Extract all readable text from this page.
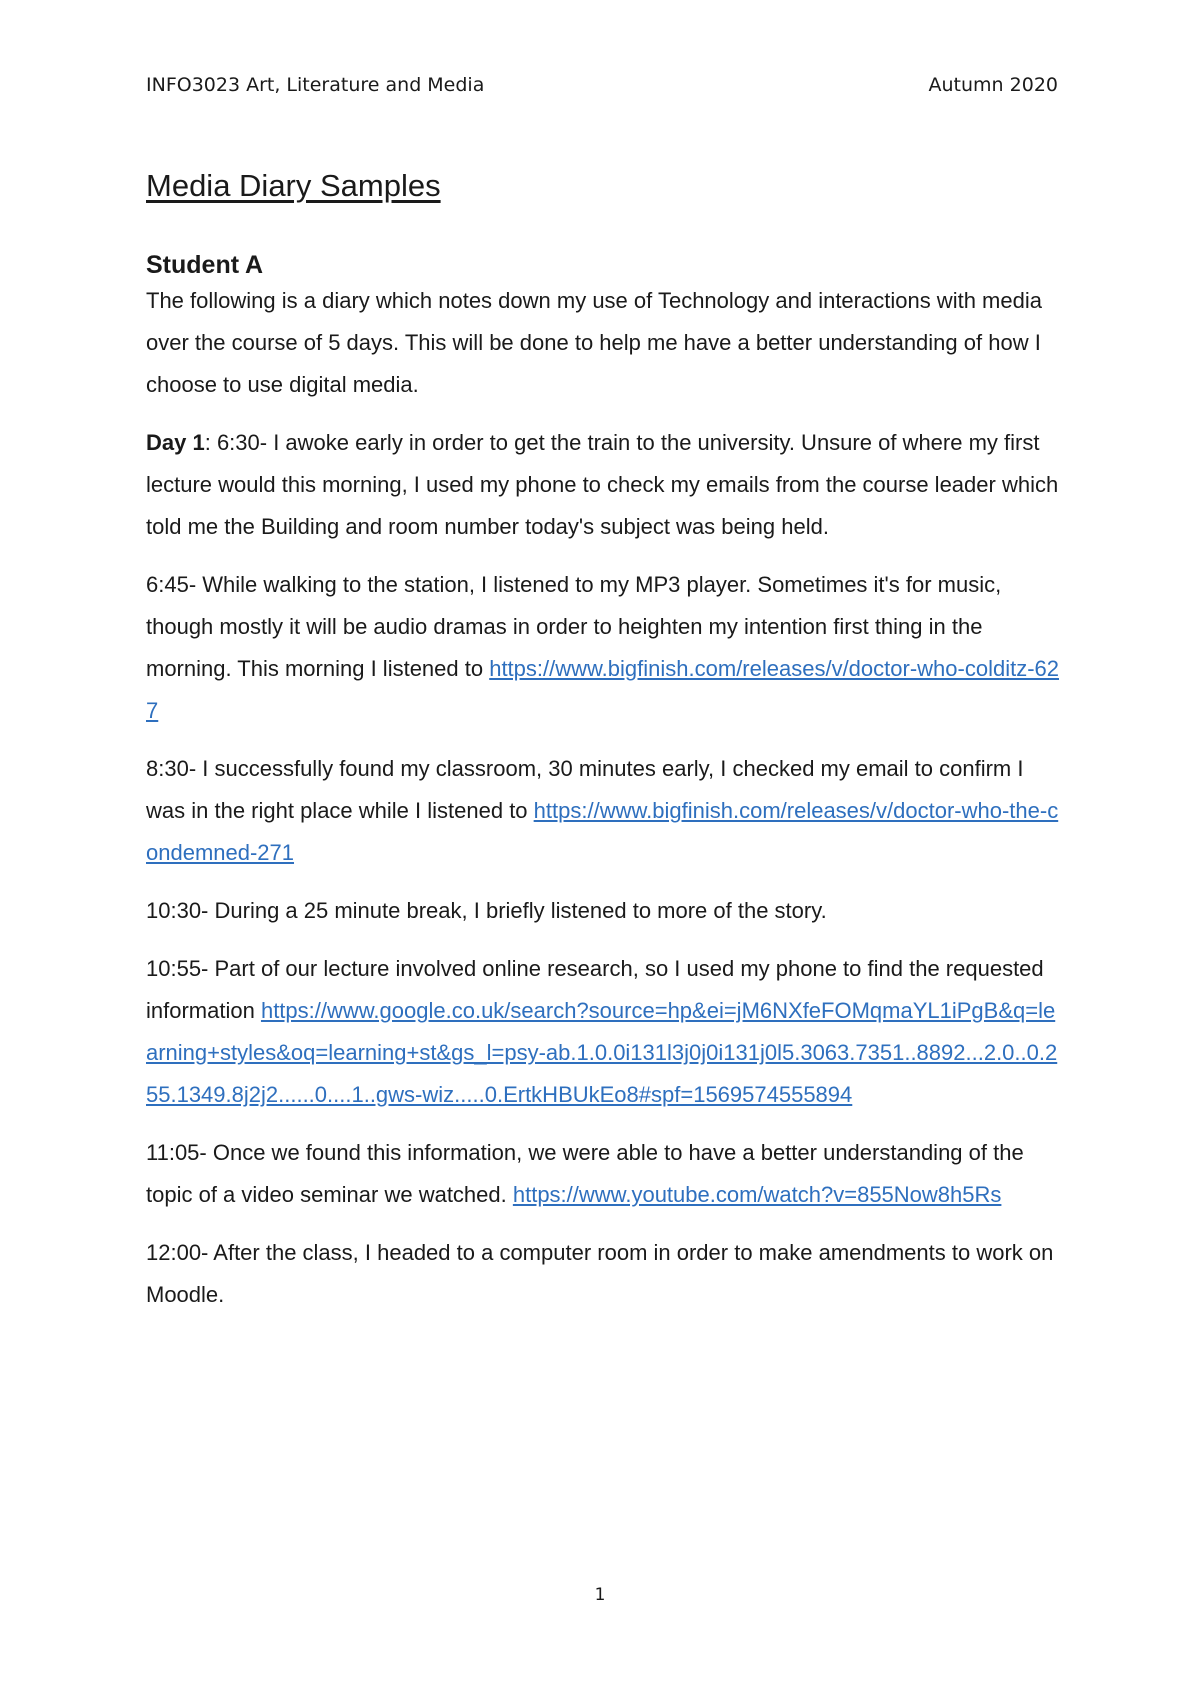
INFO3023 Art, Literature and Media	Autumn 2020
Media Diary Samples
Student A

The following is a diary which notes down my use of Technology and interactions with media over the course of 5 days. This will be done to help me have a better understanding of how I choose to use digital media.

Day 1: 6:30- I awoke early in order to get the train to the university. Unsure of where my first lecture would this morning, I used my phone to check my emails from the course leader which told me the Building and room number today's subject was being held.

6:45- While walking to the station, I listened to my MP3 player. Sometimes it's for music, though mostly it will be audio dramas in order to heighten my intention first thing in the morning. This morning I listened to https://www.bigfinish.com/releases/v/doctor-who-colditz-627

8:30- I successfully found my classroom, 30 minutes early, I checked my email to confirm I was in the right place while I listened to https://www.bigfinish.com/releases/v/doctor-who-the-condemned-271

10:30- During a 25 minute break, I briefly listened to more of the story.

10:55- Part of our lecture involved online research, so I used my phone to find the requested information https://www.google.co.uk/search?source=hp&ei=jM6NXfeFOMqmaYL1iPgB&q=learning+styles&oq=learning+st&gs_l=psy-ab.1.0.0i131l3j0j0i131j0l5.3063.7351..8892...2.0..0.255.1349.8j2j2......0....1..gws-wiz.....0.ErtkHBUkEo8#spf=1569574555894

11:05- Once we found this information, we were able to have a better understanding of the topic of a video seminar we watched. https://www.youtube.com/watch?v=855Now8h5Rs

12:00- After the class, I headed to a computer room in order to make amendments to work on Moodle.

1
